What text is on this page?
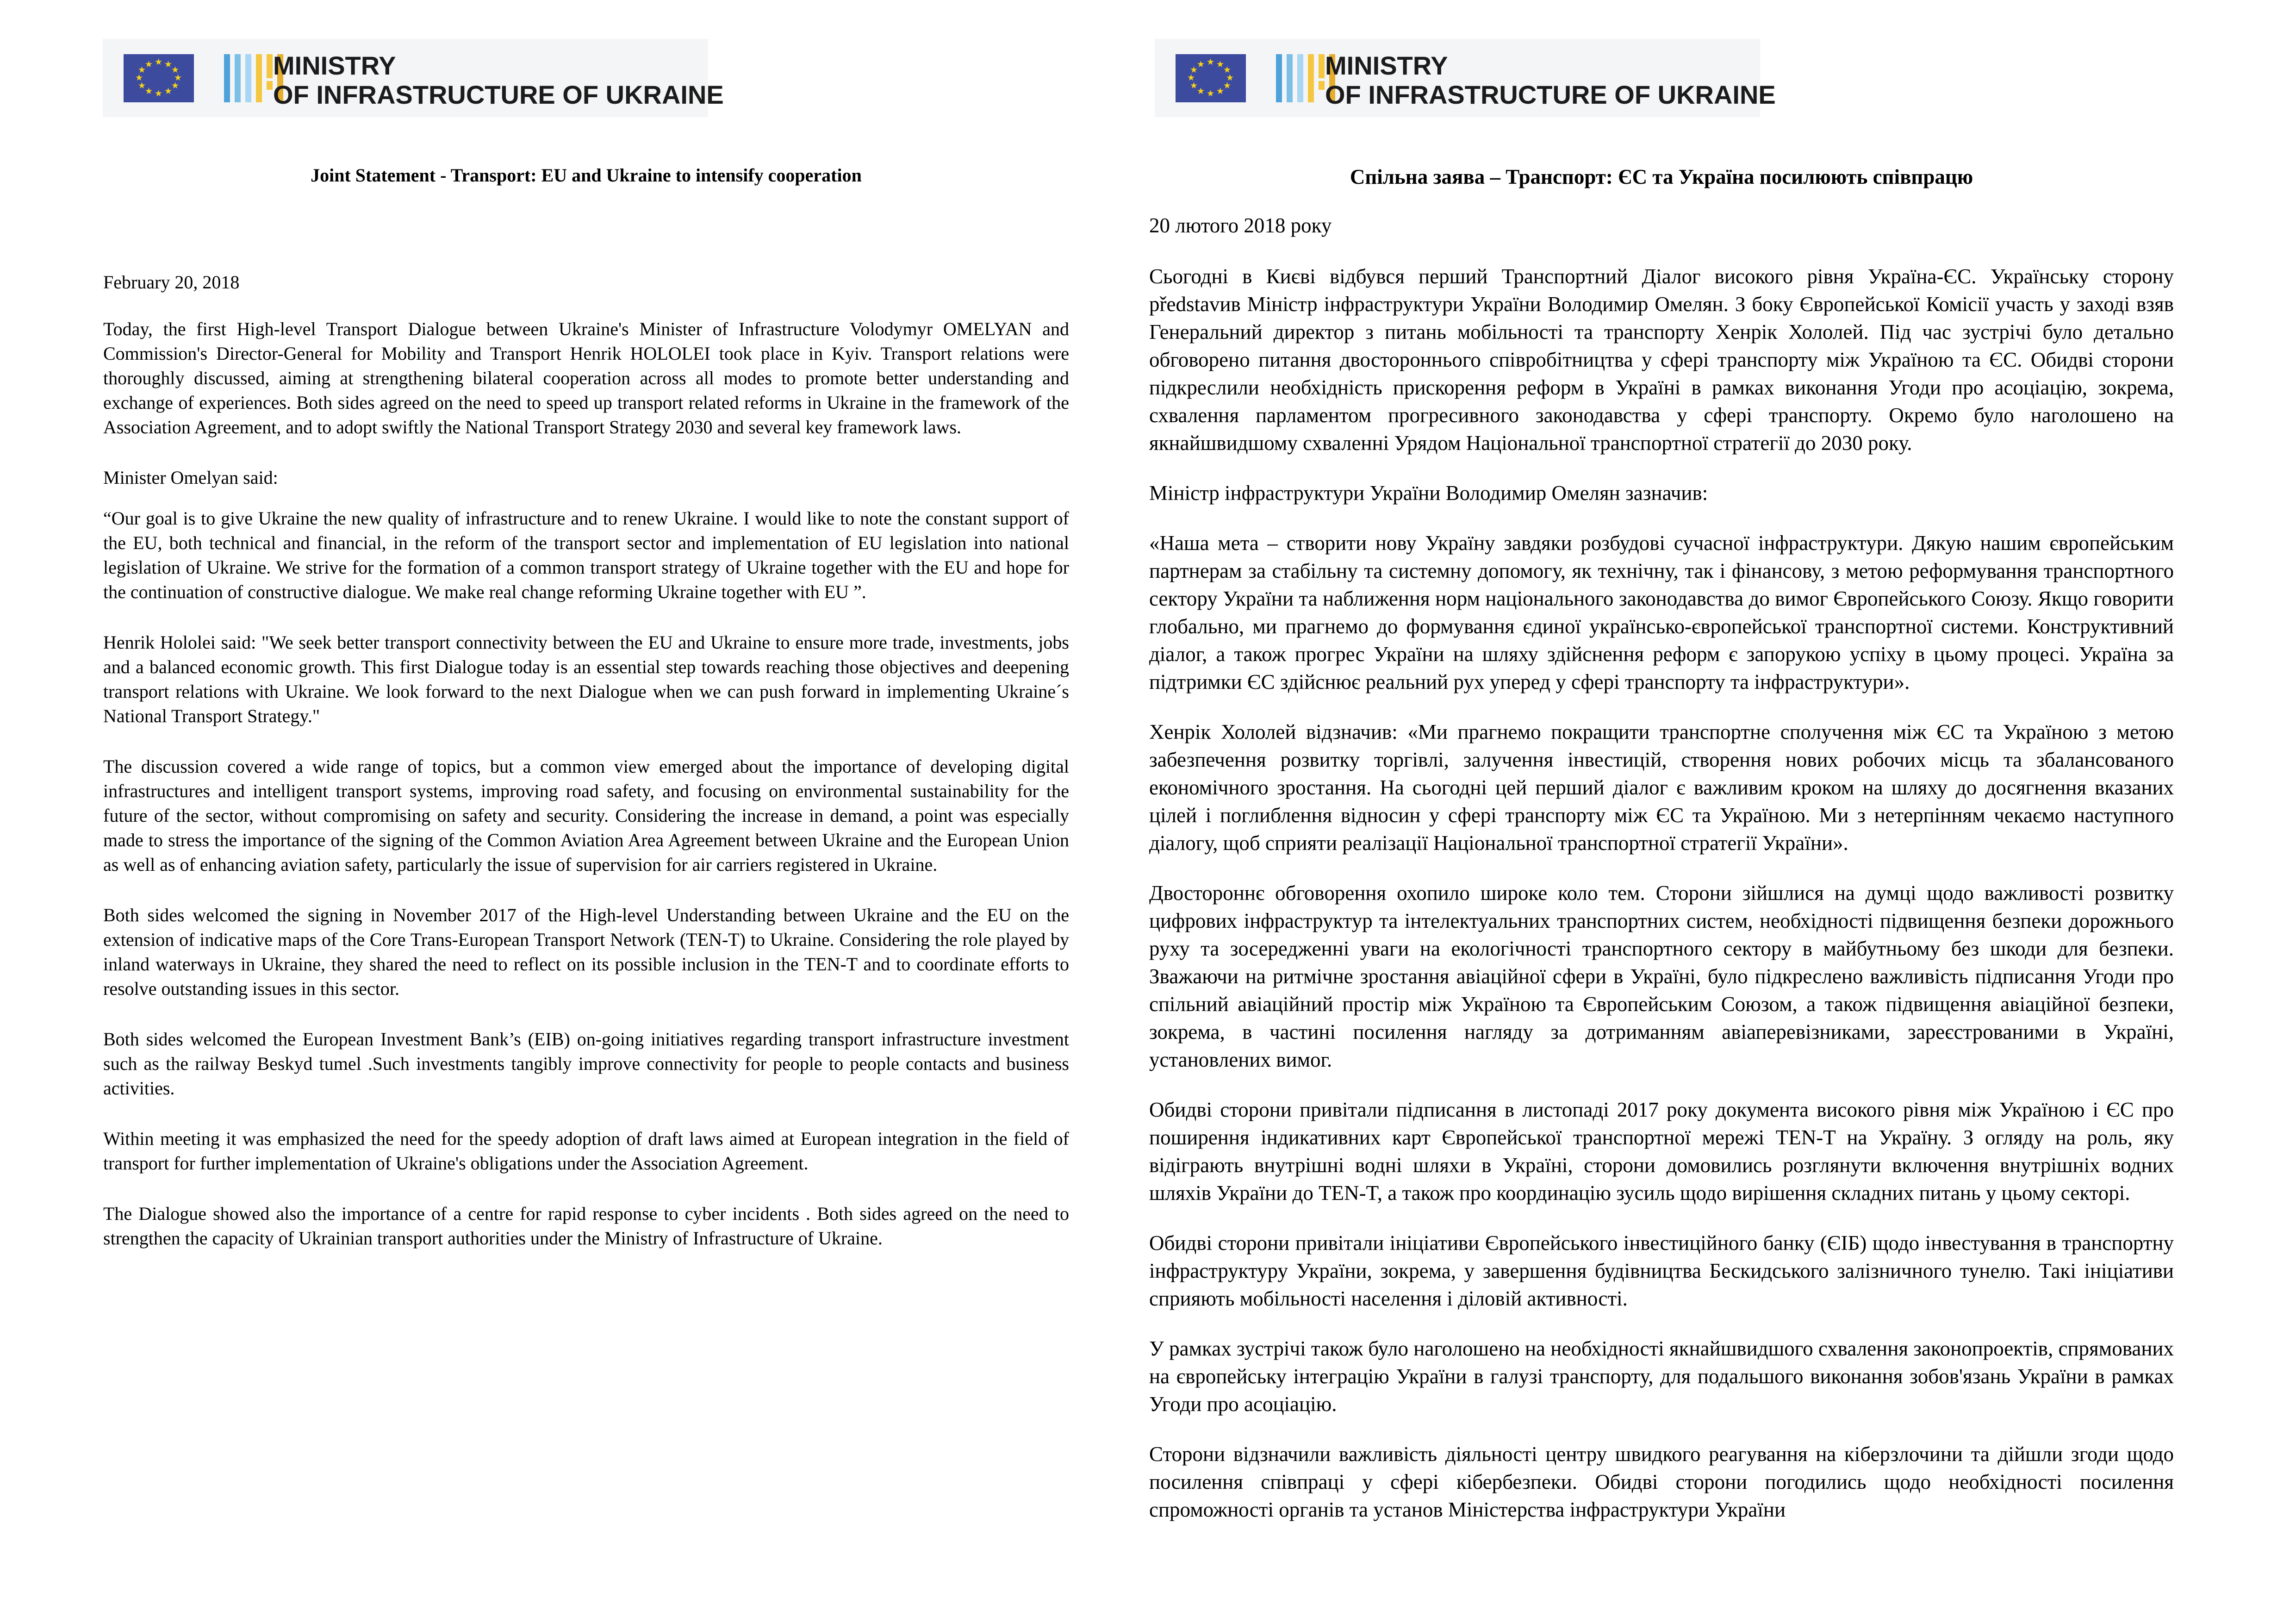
★ ★
★
★
★
★
★
★
★
★
★
★	MINISTRY
OF INFRASTRUCTURE OF UKRAINE
★ ★
★
★
★
★
★
★
★
★
★
★	MINISTRY
OF INFRASTRUCTURE OF UKRAINE

Joint Statement - Transport: EU and Ukraine to intensify cooperation

February 20, 2018

Today, the first High-level Transport Dialogue between Ukraine's Minister of Infrastructure Volodymyr OMELYAN and Commission's Director-General for Mobility and Transport Henrik HOLOLEI took place in Kyiv. Transport relations were thoroughly discussed, aiming at strengthening bilateral cooperation across all modes to promote better understanding and exchange of experiences. Both sides agreed on the need to speed up transport related reforms in Ukraine in the framework of the Association Agreement, and to adopt swiftly the National Transport Strategy 2030 and several key framework laws.

Minister Omelyan said:

“Our goal is to give Ukraine the new quality of infrastructure and to renew Ukraine. I would like to note the constant support of the EU, both technical and financial, in the reform of the transport sector and implementation of EU legislation into national legislation of Ukraine. We strive for the formation of a common transport strategy of Ukraine together with the EU and hope for the continuation of constructive dialogue. We make real change reforming Ukraine together with EU ”.

Henrik Hololei said: "We seek better transport connectivity between the EU and Ukraine to ensure more trade, investments, jobs and a balanced economic growth. This first Dialogue today is an essential step towards reaching those objectives and deepening transport relations with Ukraine. We look forward to the next Dialogue when we can push forward in implementing Ukraine´s National Transport Strategy."

The discussion covered a wide range of topics, but a common view emerged about the importance of developing digital infrastructures and intelligent transport systems, improving road safety, and focusing on environmental sustainability for the future of the sector, without compromising on safety and security. Considering the increase in demand, a point was especially made to stress the importance of the signing of the Common Aviation Area Agreement between Ukraine and the European Union as well as of enhancing aviation safety, particularly the issue of supervision for air carriers registered in Ukraine.

Both sides welcomed the signing in November 2017 of the High-level Understanding between Ukraine and the EU on the extension of indicative maps of the Core Trans-European Transport Network (TEN-T) to Ukraine. Considering the role played by inland waterways in Ukraine, they shared the need to reflect on its possible inclusion in the TEN-T and to coordinate efforts to resolve outstanding issues in this sector.

Both sides welcomed the European Investment Bank’s (EIB) on-going initiatives regarding transport infrastructure investment such as the railway Beskyd tumel .Such investments tangibly improve connectivity for people to people contacts and business activities.

Within meeting it was emphasized the need for the speedy adoption of draft laws aimed at European integration in the field of transport for further implementation of Ukraine's obligations under the Association Agreement.

The Dialogue showed also the importance of a centre for rapid response to cyber incidents . Both sides agreed on the need to strengthen the capacity of Ukrainian transport authorities under the Ministry of Infrastructure of Ukraine.

Спільна заява – Транспорт: ЄС та Україна посилюють співпрацю

20 лютого 2018 року

Сьогодні в Києві відбувся перший Транспортний Діалог високого рівня Україна-ЄС. Українську сторону představив Міністр інфраструктури України Володимир Омелян. З боку Європейської Комісії участь у заході взяв Генеральний директор з питань мобільності та транспорту Хенрік Хололей. Під час зустрічі було детально обговорено питання двостороннього співробітництва у сфері транспорту між Україною та ЄС. Обидві сторони підкреслили необхідність прискорення реформ в Україні в рамках виконання Угоди про асоціацію, зокрема, схвалення парламентом прогресивного законодавства у сфері транспорту. Окремо було наголошено на якнайшвидшому схваленні Урядом Національної транспортної стратегії до 2030 року.

Міністр інфраструктури України Володимир Омелян зазначив:

«Наша мета – створити нову Україну завдяки розбудові сучасної інфраструктури. Дякую нашим європейським партнерам за стабільну та системну допомогу, як технічну, так і фінансову, з метою реформування транспортного сектору України та наближення норм національного законодавства до вимог Європейського Союзу. Якщо говорити глобально, ми прагнемо до формування єдиної українсько-європейської транспортної системи. Конструктивний діалог, а також прогрес України на шляху здійснення реформ є запорукою успіху в цьому процесі. Україна за підтримки ЄС здійснює реальний рух уперед у сфері транспорту та інфраструктури».

Хенрік Хололей відзначив: «Ми прагнемо покращити транспортне сполучення між ЄС та Україною з метою забезпечення розвитку торгівлі, залучення інвестицій, створення нових робочих місць та збалансованого економічного зростання. На сьогодні цей перший діалог є важливим кроком на шляху до досягнення вказаних цілей і поглиблення відносин у сфері транспорту між ЄС та Україною. Ми з нетерпінням чекаємо наступного діалогу, щоб сприяти реалізації Національної транспортної стратегії України».

Двостороннє обговорення охопило широке коло тем. Сторони зійшлися на думці щодо важливості розвитку цифрових інфраструктур та інтелектуальних транспортних систем, необхідності підвищення безпеки дорожнього руху та зосередженні уваги на екологічності транспортного сектору в майбутньому без шкоди для безпеки. Зважаючи на ритмічне зростання авіаційної сфери в Україні, було підкреслено важливість підписання Угоди про спільний авіаційний простір між Україною та Європейським Союзом, а також підвищення авіаційної безпеки, зокрема, в частині посилення нагляду за дотриманням авіаперевізниками, зареєстрованими в Україні, установлених вимог.

Обидві сторони привітали підписання в листопаді 2017 року документа високого рівня між Україною і ЄС про поширення індикативних карт Європейської транспортної мережі TEN-T на Україну. З огляду на роль, яку відіграють внутрішні водні шляхи в Україні, сторони домовились розглянути включення внутрішніх водних шляхів України до TEN-T, а також про координацію зусиль щодо вирішення складних питань у цьому секторі.

Обидві сторони привітали ініціативи Європейського інвестиційного банку (ЄІБ) щодо інвестування в транспортну інфраструктуру України, зокрема, у завершення будівництва Бескидського залізничного тунелю. Такі ініціативи сприяють мобільності населення і діловій активності.

У рамках зустрічі також було наголошено на необхідності якнайшвидшого схвалення законопроектів, спрямованих на європейську інтеграцію України в галузі транспорту, для подальшого виконання зобов'язань України в рамках Угоди про асоціацію.

Сторони відзначили важливість діяльності центру швидкого реагування на кіберзлочини та дійшли згоди щодо посилення співпраці у сфері кібербезпеки. Обидві сторони погодились щодо необхідності посилення спроможності органів та установ Міністерства інфраструктури України
